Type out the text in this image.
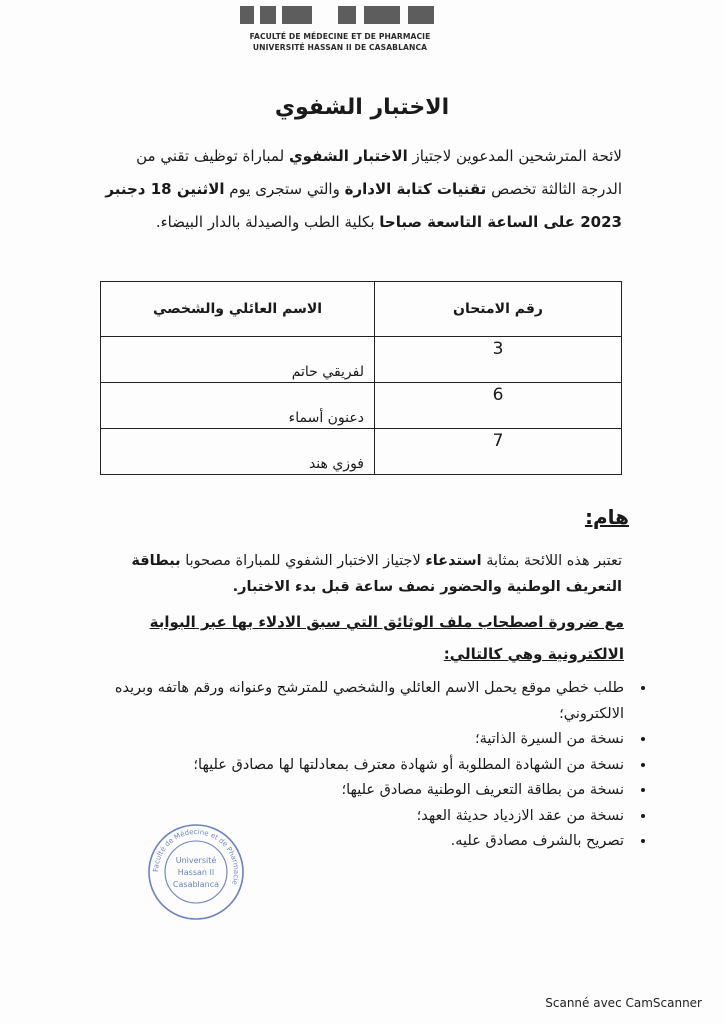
FACULTÉ DE MÉDECINE ET DE PHARMACIE
UNIVERSITÉ HASSAN II DE CASABLANCA
الاختبار الشفوي
لائحة المترشحين المدعوين لاجتياز الاختبار الشفوي لمباراة توظيف تقني من الدرجة الثالثة تخصص تقنيات كتابة الادارة والتي ستجرى يوم الاثنين 18 دجنبر 2023 على الساعة التاسعة صباحا بكلية الطب والصيدلة بالدار البيضاء.
رقم الامتحان	الاسم العائلي والشخصي
3	لفريقي حاتم
6	دعنون أسماء
7	فوزي هند
هام:
تعتبر هذه اللائحة بمثابة استدعاء لاجتياز الاختبار الشفوي للمباراة مصحوبا ببطاقة التعريف الوطنية والحضور نصف ساعة قبل بدء الاختبار.
مع ضرورة اصطحاب ملف الوثائق التي سبق الادلاء بها عبر البوابة الالكترونية وهي كالتالي:
• طلب خطي موقع يحمل الاسم العائلي والشخصي للمترشح وعنوانه ورقم هاتفه وبريده الالكتروني؛
• نسخة من السيرة الذاتية؛
• نسخة من الشهادة المطلوبة أو شهادة معترف بمعادلتها لها مصادق عليها؛
• نسخة من بطاقة التعريف الوطنية مصادق عليها؛
• نسخة من عقد الازدياد حديثة العهد؛
• تصريح بالشرف مصادق عليه.
Faculté de Médecine et de Pharmacie
Université
Hassan II
Casablanca
Scanné avec CamScanner
